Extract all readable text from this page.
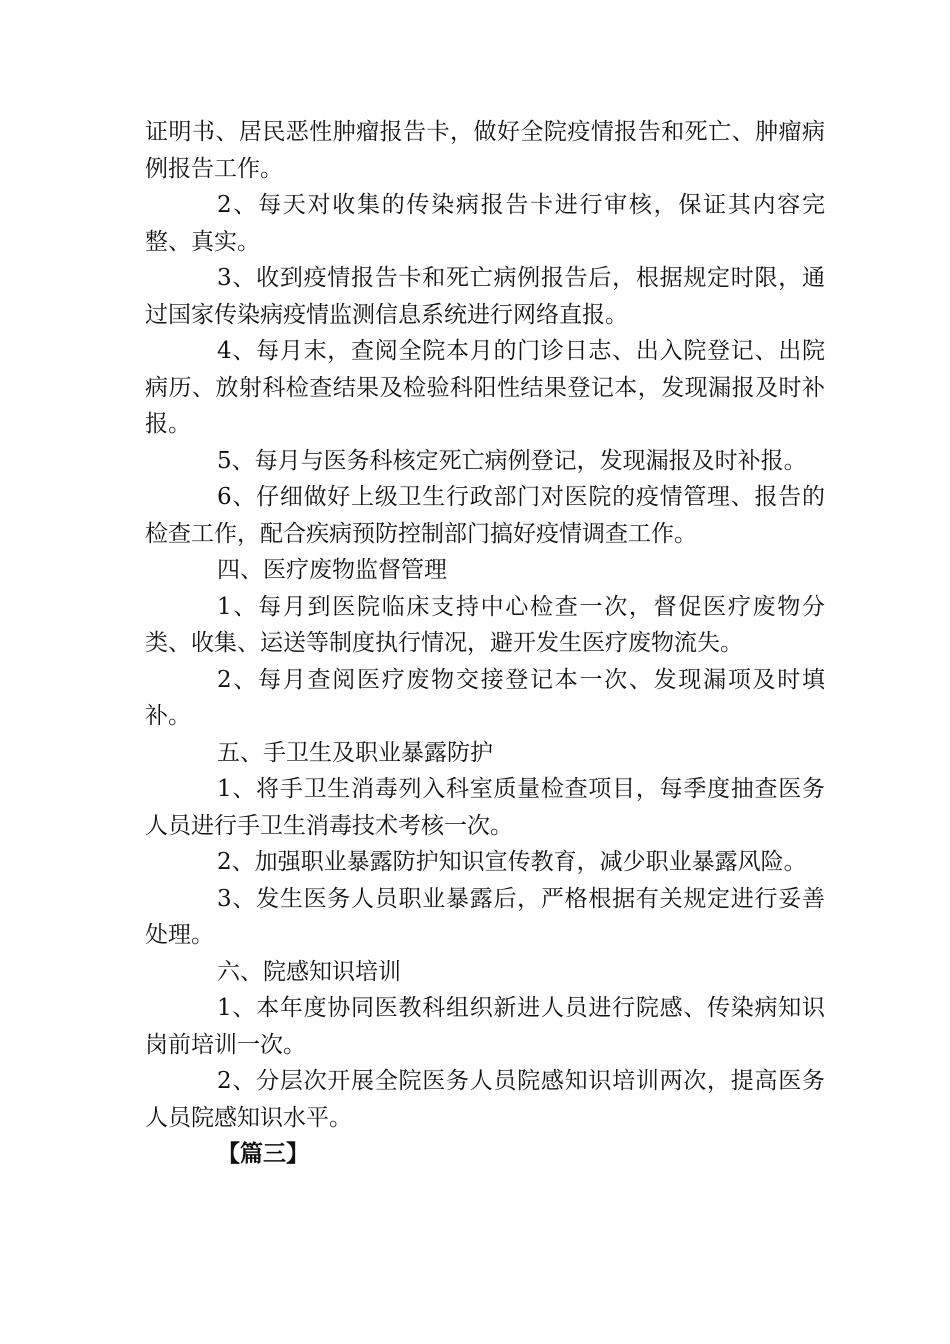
证明书、居民恶性肿瘤报告卡，做好全院疫情报告和死亡、肿瘤病例报告工作。

2、每天对收集的传染病报告卡进行审核，保证其内容完整、真实。

3、收到疫情报告卡和死亡病例报告后，根据规定时限，通过国家传染病疫情监测信息系统进行网络直报。

4、每月末，查阅全院本月的门诊日志、出入院登记、出院病历、放射科检查结果及检验科阳性结果登记本，发现漏报及时补报。

5、每月与医务科核定死亡病例登记，发现漏报及时补报。

6、仔细做好上级卫生行政部门对医院的疫情管理、报告的检查工作，配合疾病预防控制部门搞好疫情调查工作。

四、医疗废物监督管理

1、每月到医院临床支持中心检查一次，督促医疗废物分类、收集、运送等制度执行情况，避开发生医疗废物流失。

2、每月查阅医疗废物交接登记本一次、发现漏项及时填补。

五、手卫生及职业暴露防护

1、将手卫生消毒列入科室质量检查项目，每季度抽查医务人员进行手卫生消毒技术考核一次。

2、加强职业暴露防护知识宣传教育，减少职业暴露风险。

3、发生医务人员职业暴露后，严格根据有关规定进行妥善处理。

六、院感知识培训

1、本年度协同医教科组织新进人员进行院感、传染病知识岗前培训一次。

2、分层次开展全院医务人员院感知识培训两次，提高医务人员院感知识水平。

【篇三】
